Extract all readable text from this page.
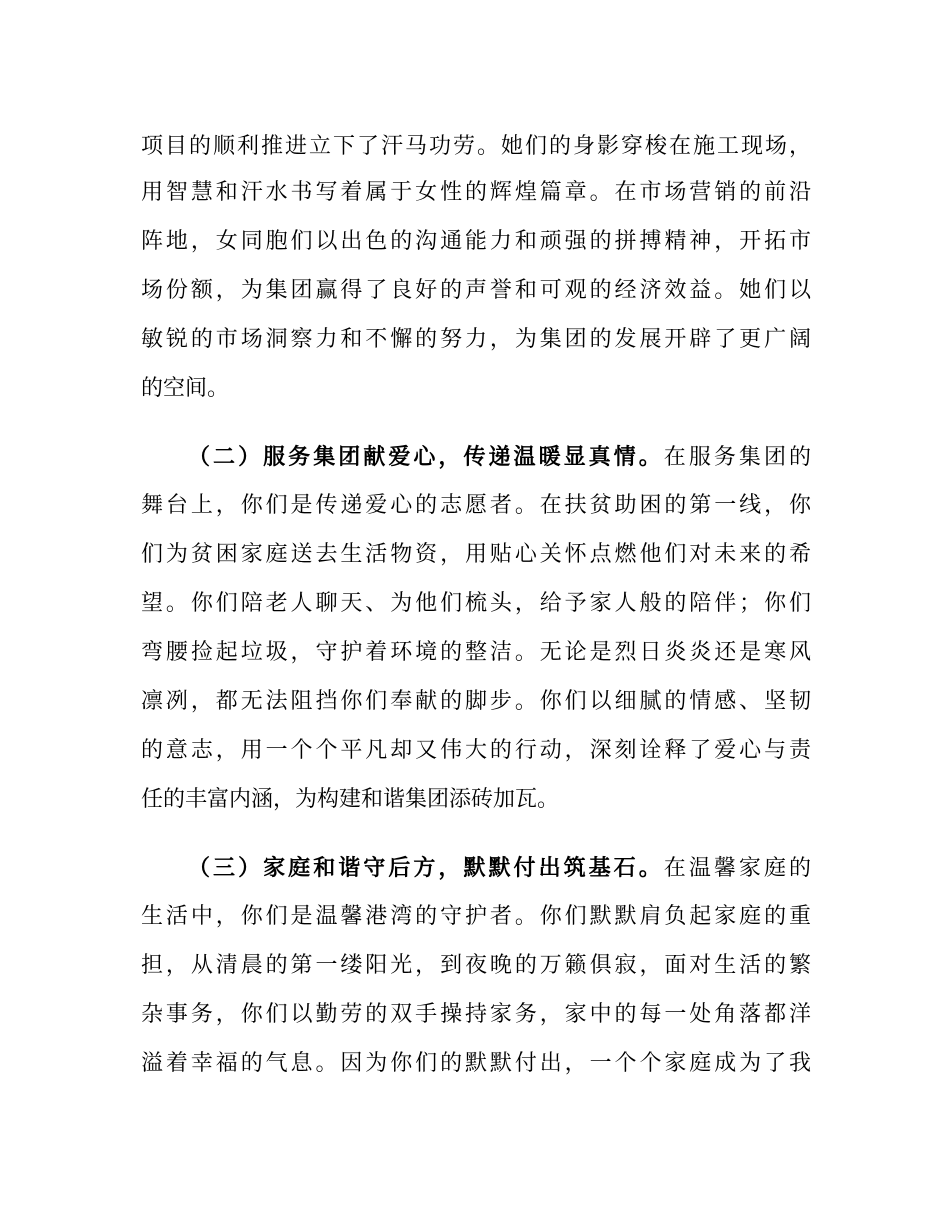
项目的顺利推进立下了汗马功劳。她们的身影穿梭在施工现场，

用智慧和汗水书写着属于女性的辉煌篇章。在市场营销的前沿

阵地，女同胞们以出色的沟通能力和顽强的拼搏精神，开拓市

场份额，为集团赢得了良好的声誉和可观的经济效益。她们以

敏锐的市场洞察力和不懈的努力，为集团的发展开辟了更广阔

的空间。

（二）服务集团献爱心，传递温暖显真情。在服务集团的

舞台上，你们是传递爱心的志愿者。在扶贫助困的第一线，你

们为贫困家庭送去生活物资，用贴心关怀点燃他们对未来的希

望。你们陪老人聊天、为他们梳头，给予家人般的陪伴；你们

弯腰捡起垃圾，守护着环境的整洁。无论是烈日炎炎还是寒风

凛冽，都无法阻挡你们奉献的脚步。你们以细腻的情感、坚韧

的意志，用一个个平凡却又伟大的行动，深刻诠释了爱心与责

任的丰富内涵，为构建和谐集团添砖加瓦。

（三）家庭和谐守后方，默默付出筑基石。在温馨家庭的

生活中，你们是温馨港湾的守护者。你们默默肩负起家庭的重

担，从清晨的第一缕阳光，到夜晚的万籁俱寂，面对生活的繁

杂事务，你们以勤劳的双手操持家务，家中的每一处角落都洋

溢着幸福的气息。因为你们的默默付出，一个个家庭成为了我
